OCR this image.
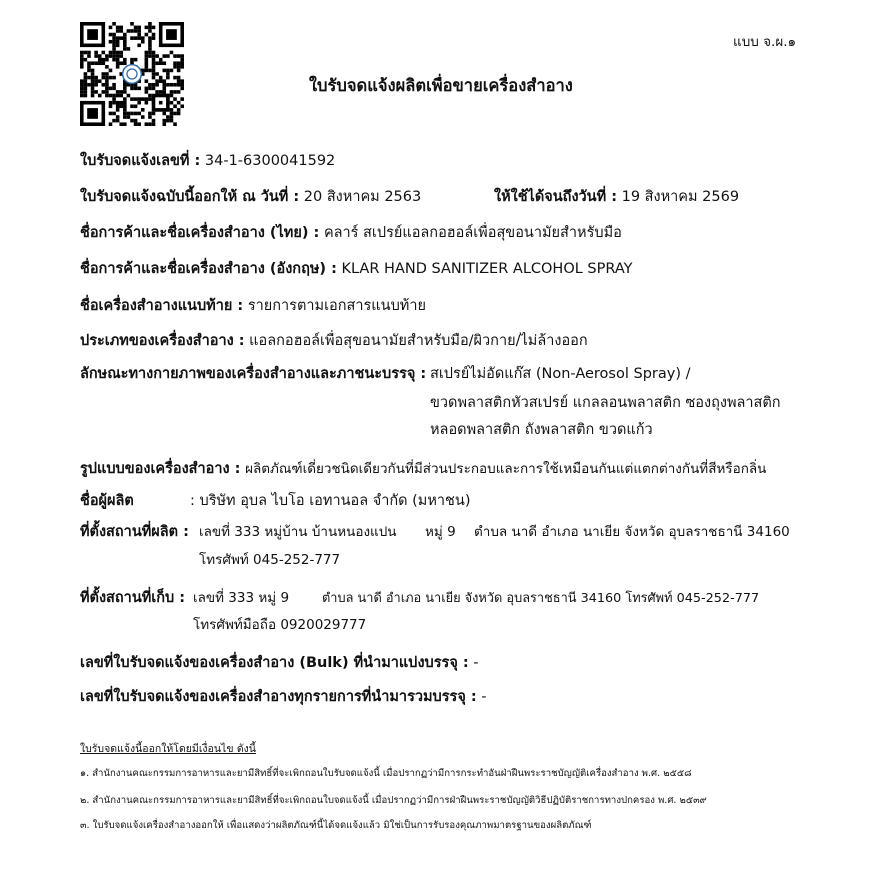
แบบ จ.ผ.๑
ใบรับจดแจ้งผลิตเพื่อขายเครื่องสำอาง
ใบรับจดแจ้งเลขที่ : 34-1-6300041592
ใบรับจดแจ้งฉบับนี้ออกให้ ณ วันที่ : 20 สิงหาคม 2563	ให้ใช้ได้จนถึงวันที่ : 19 สิงหาคม 2569
ชื่อการค้าและชื่อเครื่องสำอาง (ไทย) : คลาร์ สเปรย์แอลกอฮอล์เพื่อสุขอนามัยสำหรับมือ
ชื่อการค้าและชื่อเครื่องสำอาง (อังกฤษ) : KLAR HAND SANITIZER ALCOHOL SPRAY
ชื่อเครื่องสำอางแนบท้าย : รายการตามเอกสารแนบท้าย
ประเภทของเครื่องสำอาง : แอลกอฮอล์เพื่อสุขอนามัยสำหรับมือ/ผิวกาย/ไม่ล้างออก
ลักษณะทางกายภาพของเครื่องสำอางและภาชนะบรรจุ : สเปรย์ไม่อัดแก๊ส (Non-Aerosol Spray) /
ขวดพลาสติกหัวสเปรย์ แกลลอนพลาสติก ซองถุงพลาสติก
หลอดพลาสติก ถังพลาสติก ขวดแก้ว
รูปแบบของเครื่องสำอาง : ผลิตภัณฑ์เดี่ยวชนิดเดียวกันที่มีส่วนประกอบและการใช้เหมือนกันแต่แตกต่างกันที่สีหรือกลิ่น
ชื่อผู้ผลิต	: บริษัท อุบล ไบโอ เอทานอล จำกัด (มหาชน)
ที่ตั้งสถานที่ผลิต : เลขที่ 333 หมู่บ้าน บ้านหนองแปน หมู่ 9 ตำบล นาดี อำเภอ นาเยีย จังหวัด อุบลราชธานี 34160
โทรศัพท์ 045-252-777
ที่ตั้งสถานที่เก็บ : เลขที่ 333 หมู่ 9	ตำบล นาดี อำเภอ นาเยีย จังหวัด อุบลราชธานี 34160 โทรศัพท์ 045-252-777
โทรศัพท์มือถือ 0920029777
เลขที่ใบรับจดแจ้งของเครื่องสำอาง (Bulk) ที่นำมาแบ่งบรรจุ : -
เลขที่ใบรับจดแจ้งของเครื่องสำอางทุกรายการที่นำมารวมบรรจุ : -
ใบรับจดแจ้งนี้ออกให้โดยมีเงื่อนไข ดังนี้
๑. สำนักงานคณะกรรมการอาหารและยามีสิทธิ์ที่จะเพิกถอนใบรับจดแจ้งนี้ เมื่อปรากฏว่ามีการกระทำอันฝ่าฝืนพระราชบัญญัติเครื่องสำอาง พ.ศ. ๒๕๕๘
๒. สำนักงานคณะกรรมการอาหารและยามีสิทธิ์ที่จะเพิกถอนใบจดแจ้งนี้ เมื่อปรากฏว่ามีการฝ่าฝืนพระราชบัญญัติวิธีปฏิบัติราชการทางปกครอง พ.ศ. ๒๕๓๙
๓. ใบรับจดแจ้งเครื่องสำอางออกให้ เพื่อแสดงว่าผลิตภัณฑ์นี้ได้จดแจ้งแล้ว มิใช่เป็นการรับรองคุณภาพมาตรฐานของผลิตภัณฑ์
